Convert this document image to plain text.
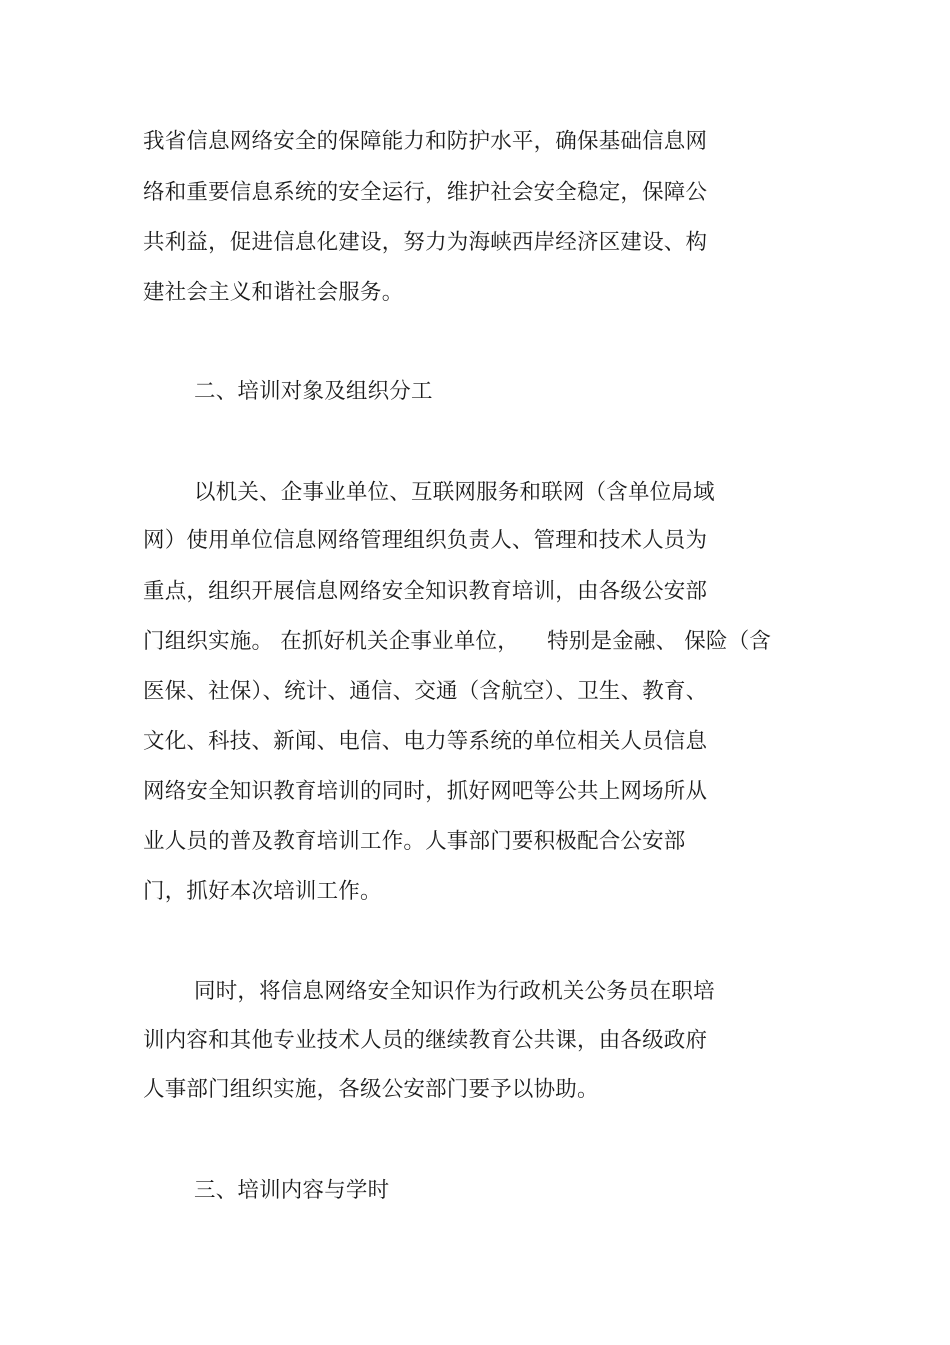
我省信息网络安全的保障能力和防护水平，确保基础信息网
络和重要信息系统的安全运行，维护社会安全稳定，保障公
共利益，促进信息化建设，努力为海峡西岸经济区建设、构
建社会主义和谐社会服务。
二、培训对象及组织分工
以机关、企事业单位、互联网服务和联网（含单位局域
网）使用单位信息网络管理组织负责人、管理和技术人员为
重点，组织开展信息网络安全知识教育培训，由各级公安部
门组织实施。 在抓好机关企事业单位，    特别是金融、 保险（含
医保、社保）、统计、通信、交通（含航空）、卫生、教育、
文化、科技、新闻、电信、电力等系统的单位相关人员信息
网络安全知识教育培训的同时，抓好网吧等公共上网场所从
业人员的普及教育培训工作。人事部门要积极配合公安部
门，抓好本次培训工作。
同时，将信息网络安全知识作为行政机关公务员在职培
训内容和其他专业技术人员的继续教育公共课，由各级政府
人事部门组织实施，各级公安部门要予以协助。
三、培训内容与学时
